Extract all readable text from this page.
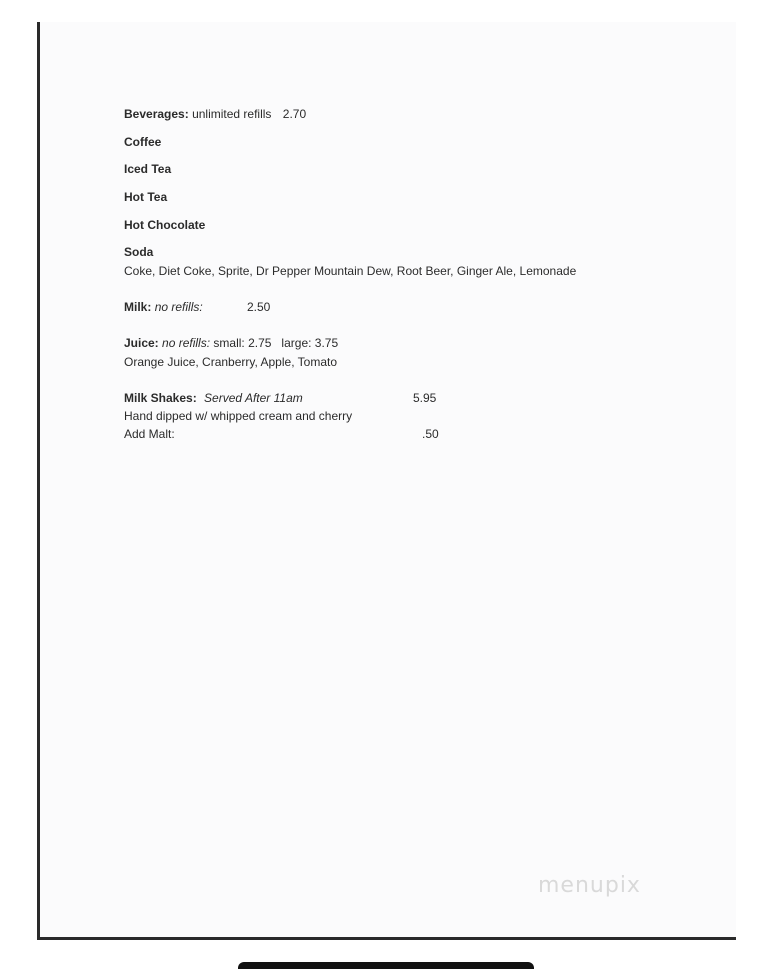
Beverages: unlimited refills 2.70
Coffee
Iced Tea
Hot Tea
Hot Chocolate
Soda
Coke, Diet Coke, Sprite, Dr Pepper Mountain Dew, Root Beer, Ginger Ale, Lemonade
Milk: no refills:	2.50
Juice: no refills: small: 2.75   large: 3.75
Orange Juice, Cranberry, Apple, Tomato
Milk Shakes: Served After 11am	5.95
Hand dipped w/ whipped cream and cherry
Add Malt:	.50
menupix
